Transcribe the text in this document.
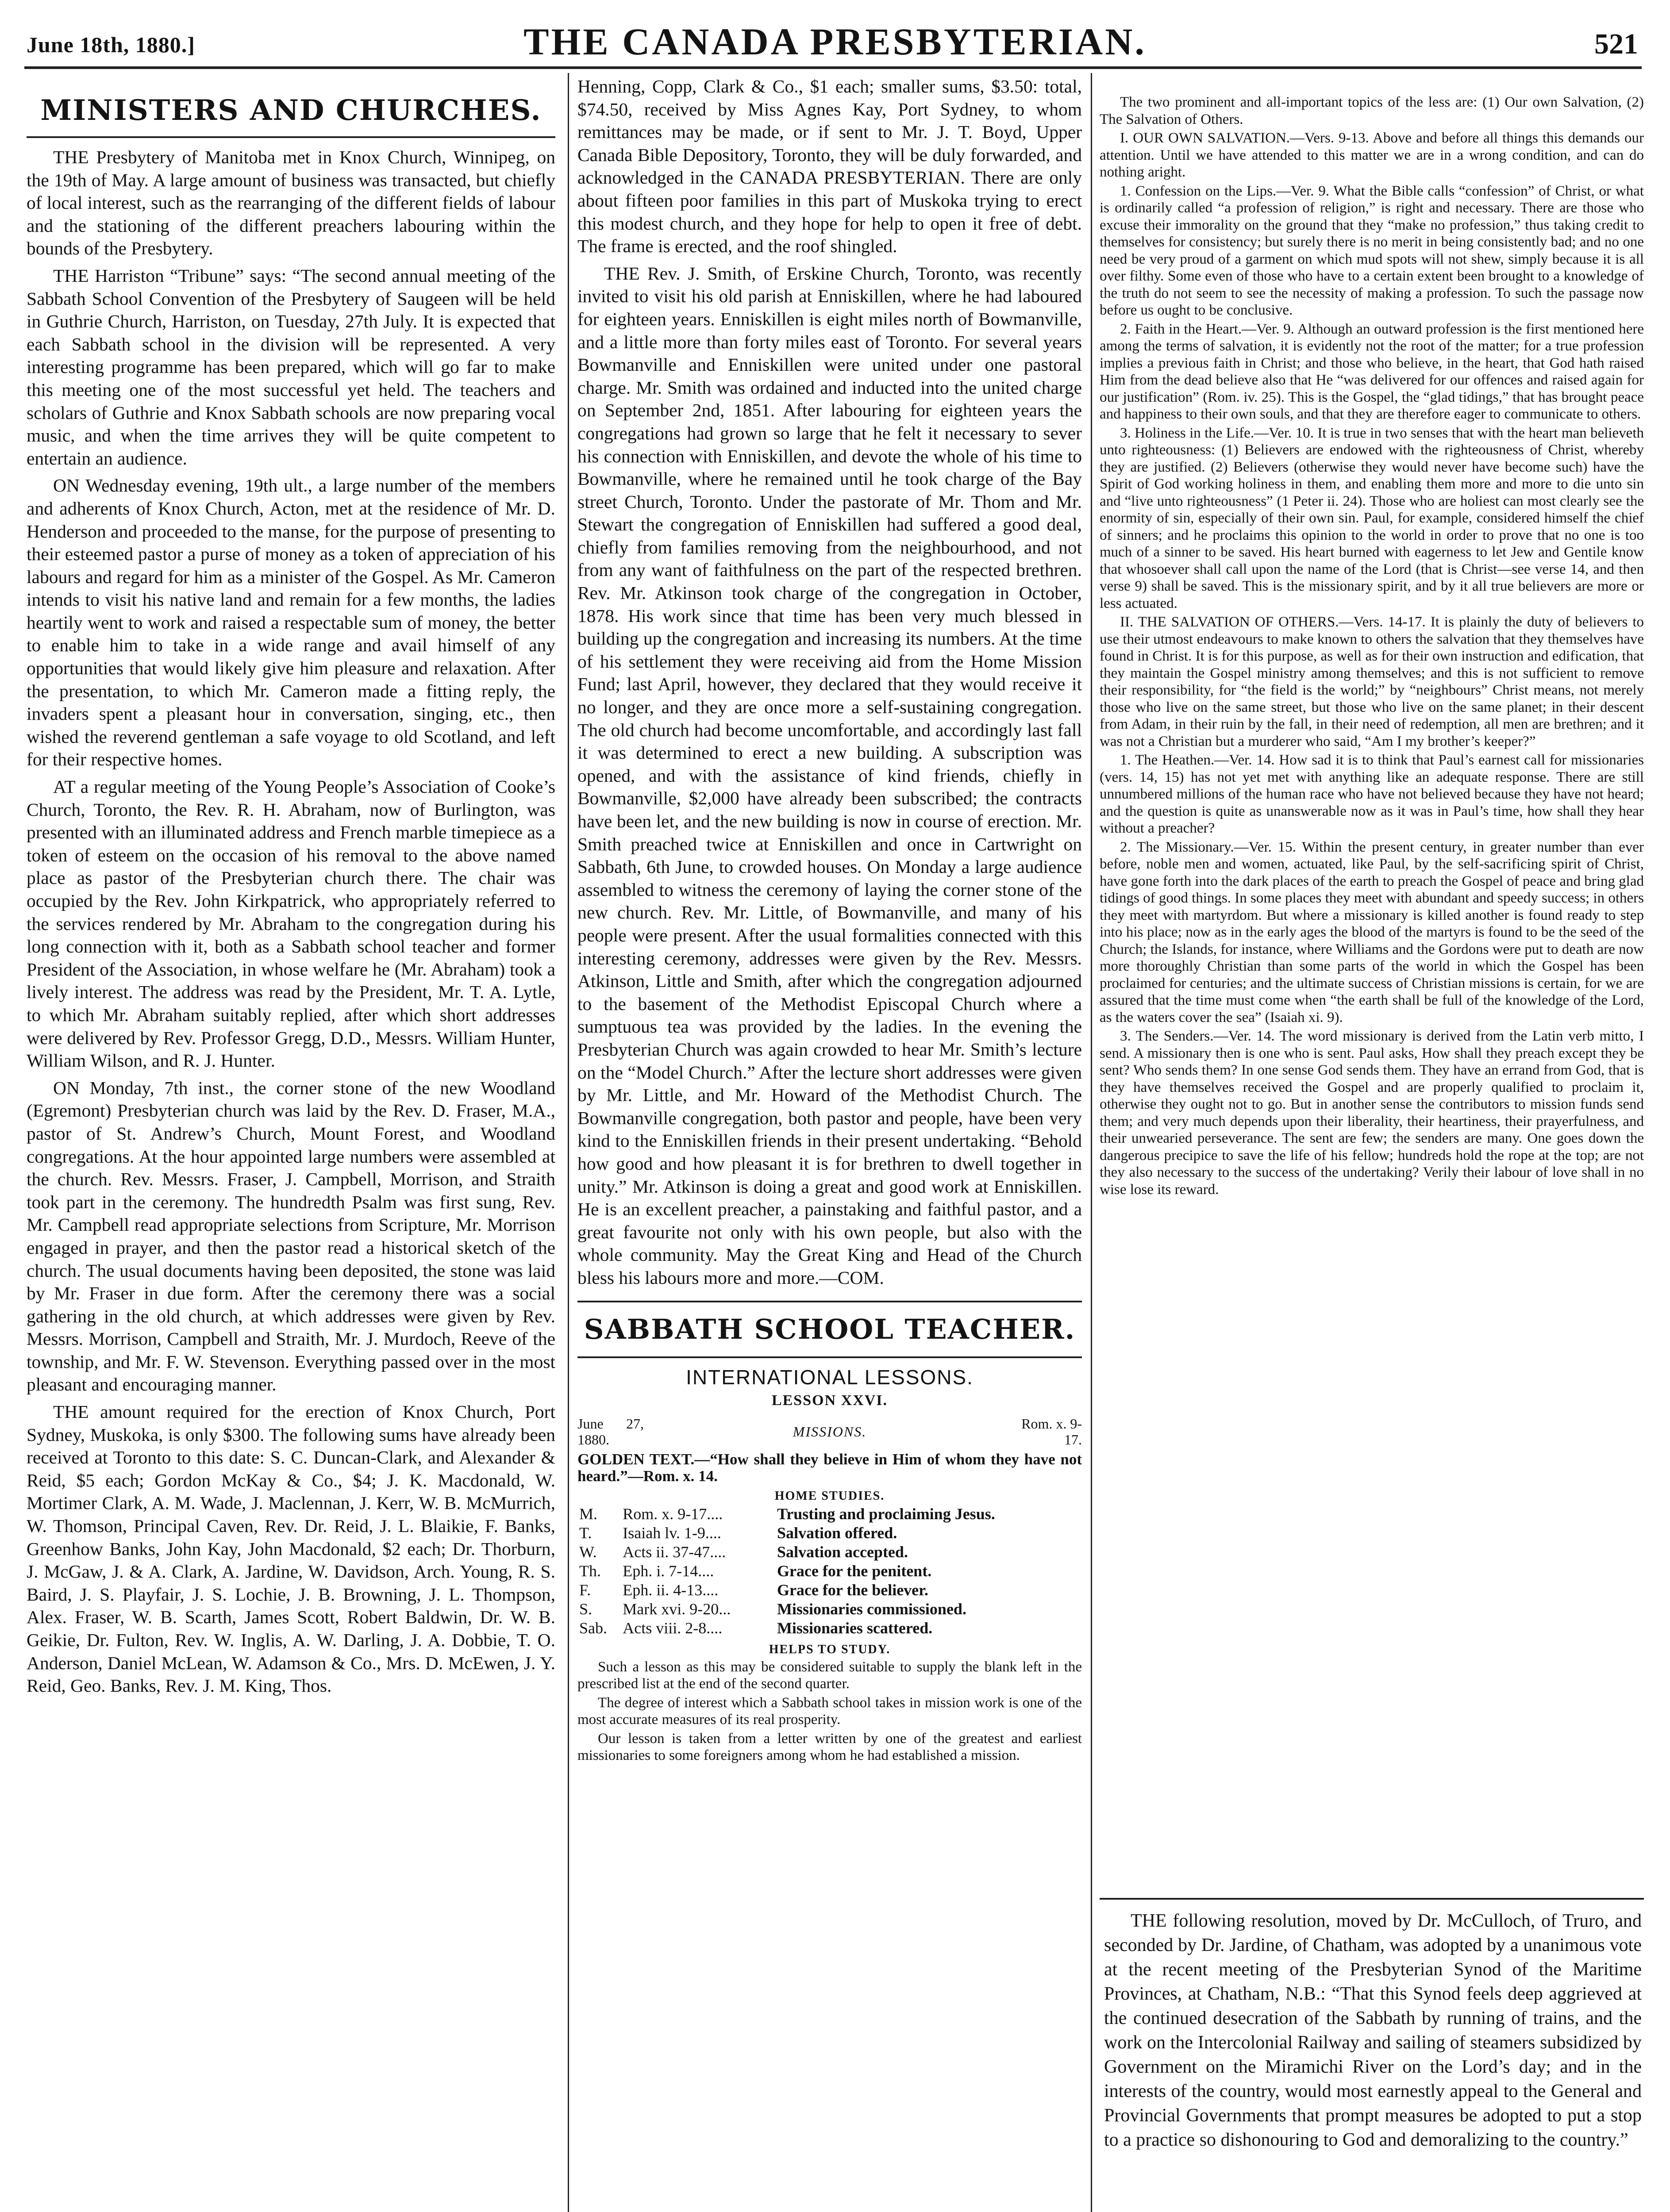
June 18th, 1880.]	THE CANADA PRESBYTERIAN.	521
MINISTERS AND CHURCHES.

THE Presbytery of Manitoba met in Knox Church, Winnipeg, on the 19th of May. A large amount of business was transacted, but chiefly of local interest, such as the rearranging of the different fields of labour and the stationing of the different preachers labouring within the bounds of the Presbytery.

THE Harriston “Tribune” says: “The second annual meeting of the Sabbath School Convention of the Presbytery of Saugeen will be held in Guthrie Church, Harriston, on Tuesday, 27th July. It is expected that each Sabbath school in the division will be represented. A very interesting programme has been prepared, which will go far to make this meeting one of the most successful yet held. The teachers and scholars of Guthrie and Knox Sabbath schools are now preparing vocal music, and when the time arrives they will be quite competent to entertain an audience.

ON Wednesday evening, 19th ult., a large number of the members and adherents of Knox Church, Acton, met at the residence of Mr. D. Henderson and proceeded to the manse, for the purpose of presenting to their esteemed pastor a purse of money as a token of appreciation of his labours and regard for him as a minister of the Gospel. As Mr. Cameron intends to visit his native land and remain for a few months, the ladies heartily went to work and raised a respectable sum of money, the better to enable him to take in a wide range and avail himself of any opportunities that would likely give him pleasure and relaxation. After the presentation, to which Mr. Cameron made a fitting reply, the invaders spent a pleasant hour in conversation, singing, etc., then wished the reverend gentleman a safe voyage to old Scotland, and left for their respective homes.

AT a regular meeting of the Young People’s Association of Cooke’s Church, Toronto, the Rev. R. H. Abraham, now of Burlington, was presented with an illuminated address and French marble timepiece as a token of esteem on the occasion of his removal to the above named place as pastor of the Presbyterian church there. The chair was occupied by the Rev. John Kirkpatrick, who appropriately referred to the services rendered by Mr. Abraham to the congregation during his long connection with it, both as a Sabbath school teacher and former President of the Association, in whose welfare he (Mr. Abraham) took a lively interest. The address was read by the President, Mr. T. A. Lytle, to which Mr. Abraham suitably replied, after which short addresses were delivered by Rev. Professor Gregg, D.D., Messrs. William Hunter, William Wilson, and R. J. Hunter.

ON Monday, 7th inst., the corner stone of the new Woodland (Egremont) Presbyterian church was laid by the Rev. D. Fraser, M.A., pastor of St. Andrew’s Church, Mount Forest, and Woodland congregations. At the hour appointed large numbers were assembled at the church. Rev. Messrs. Fraser, J. Campbell, Morrison, and Straith took part in the ceremony. The hundredth Psalm was first sung, Rev. Mr. Campbell read appropriate selections from Scripture, Mr. Morrison engaged in prayer, and then the pastor read a historical sketch of the church. The usual documents having been deposited, the stone was laid by Mr. Fraser in due form. After the ceremony there was a social gathering in the old church, at which addresses were given by Rev. Messrs. Morrison, Campbell and Straith, Mr. J. Murdoch, Reeve of the township, and Mr. F. W. Stevenson. Everything passed over in the most pleasant and encouraging manner.

THE amount required for the erection of Knox Church, Port Sydney, Muskoka, is only $300. The following sums have already been received at Toronto to this date: S. C. Duncan-Clark, and Alexander & Reid, $5 each; Gordon McKay & Co., $4; J. K. Macdonald, W. Mortimer Clark, A. M. Wade, J. Maclennan, J. Kerr, W. B. McMurrich, W. Thomson, Principal Caven, Rev. Dr. Reid, J. L. Blaikie, F. Banks, Greenhow Banks, John Kay, John Macdonald, $2 each; Dr. Thorburn, J. McGaw, J. & A. Clark, A. Jardine, W. Davidson, Arch. Young, R. S. Baird, J. S. Playfair, J. S. Lochie, J. B. Browning, J. L. Thompson, Alex. Fraser, W. B. Scarth, James Scott, Robert Baldwin, Dr. W. B. Geikie, Dr. Fulton, Rev. W. Inglis, A. W. Darling, J. A. Dobbie, T. O. Anderson, Daniel McLean, W. Adamson & Co., Mrs. D. McEwen, J. Y. Reid, Geo. Banks, Rev. J. M. King, Thos.

Henning, Copp, Clark & Co., $1 each; smaller sums, $3.50: total, $74.50, received by Miss Agnes Kay, Port Sydney, to whom remittances may be made, or if sent to Mr. J. T. Boyd, Upper Canada Bible Depository, Toronto, they will be duly forwarded, and acknowledged in the CANADA PRESBYTERIAN. There are only about fifteen poor families in this part of Muskoka trying to erect this modest church, and they hope for help to open it free of debt. The frame is erected, and the roof shingled.

THE Rev. J. Smith, of Erskine Church, Toronto, was recently invited to visit his old parish at Enniskillen, where he had laboured for eighteen years. Enniskillen is eight miles north of Bowmanville, and a little more than forty miles east of Toronto. For several years Bowmanville and Enniskillen were united under one pastoral charge. Mr. Smith was ordained and inducted into the united charge on September 2nd, 1851. After labouring for eighteen years the congregations had grown so large that he felt it necessary to sever his connection with Enniskillen, and devote the whole of his time to Bowmanville, where he remained until he took charge of the Bay street Church, Toronto. Under the pastorate of Mr. Thom and Mr. Stewart the congregation of Enniskillen had suffered a good deal, chiefly from families removing from the neighbourhood, and not from any want of faithfulness on the part of the respected brethren. Rev. Mr. Atkinson took charge of the congregation in October, 1878. His work since that time has been very much blessed in building up the congregation and increasing its numbers. At the time of his settlement they were receiving aid from the Home Mission Fund; last April, however, they declared that they would receive it no longer, and they are once more a self-sustaining congregation. The old church had become uncomfortable, and accordingly last fall it was determined to erect a new building. A subscription was opened, and with the assistance of kind friends, chiefly in Bowmanville, $2,000 have already been subscribed; the contracts have been let, and the new building is now in course of erection. Mr. Smith preached twice at Enniskillen and once in Cartwright on Sabbath, 6th June, to crowded houses. On Monday a large audience assembled to witness the ceremony of laying the corner stone of the new church. Rev. Mr. Little, of Bowmanville, and many of his people were present. After the usual formalities connected with this interesting ceremony, addresses were given by the Rev. Messrs. Atkinson, Little and Smith, after which the congregation adjourned to the basement of the Methodist Episcopal Church where a sumptuous tea was provided by the ladies. In the evening the Presbyterian Church was again crowded to hear Mr. Smith’s lecture on the “Model Church.” After the lecture short addresses were given by Mr. Little, and Mr. Howard of the Methodist Church. The Bowmanville congregation, both pastor and people, have been very kind to the Enniskillen friends in their present undertaking. “Behold how good and how pleasant it is for brethren to dwell together in unity.” Mr. Atkinson is doing a great and good work at Enniskillen. He is an excellent preacher, a painstaking and faithful pastor, and a great favourite not only with his own people, but also with the whole community. May the Great King and Head of the Church bless his labours more and more.—COM.

SABBATH SCHOOL TEACHER.
INTERNATIONAL LESSONS.
LESSON XXVI.
June 27, 1880.	MISSIONS.	Rom. x. 9-17.
GOLDEN TEXT.—“How shall they believe in Him of whom they have not heard.”—Rom. x. 14.
HOME STUDIES.
M.	Rom. x. 9-17....	Trusting and proclaiming Jesus.
T.	Isaiah lv. 1-9....	Salvation offered.
W.	Acts ii. 37-47....	Salvation accepted.
Th.	Eph. i. 7-14....	Grace for the penitent.
F.	Eph. ii. 4-13....	Grace for the believer.
S.	Mark xvi. 9-20...	Missionaries commissioned.
Sab.	Acts viii. 2-8....	Missionaries scattered.
HELPS TO STUDY.

Such a lesson as this may be considered suitable to supply the blank left in the prescribed list at the end of the second quarter.

The degree of interest which a Sabbath school takes in mission work is one of the most accurate measures of its real prosperity.

Our lesson is taken from a letter written by one of the greatest and earliest missionaries to some foreigners among whom he had established a mission.

The two prominent and all-important topics of the less are: (1) Our own Salvation, (2) The Salvation of Others.

I. OUR OWN SALVATION.—Vers. 9-13. Above and before all things this demands our attention. Until we have attended to this matter we are in a wrong condition, and can do nothing aright.

1. Confession on the Lips.—Ver. 9. What the Bible calls “confession” of Christ, or what is ordinarily called “a profession of religion,” is right and necessary. There are those who excuse their immorality on the ground that they “make no profession,” thus taking credit to themselves for consistency; but surely there is no merit in being consistently bad; and no one need be very proud of a garment on which mud spots will not shew, simply because it is all over filthy. Some even of those who have to a certain extent been brought to a knowledge of the truth do not seem to see the necessity of making a profession. To such the passage now before us ought to be conclusive.

2. Faith in the Heart.—Ver. 9. Although an outward profession is the first mentioned here among the terms of salvation, it is evidently not the root of the matter; for a true profession implies a previous faith in Christ; and those who believe, in the heart, that God hath raised Him from the dead believe also that He “was delivered for our offences and raised again for our justification” (Rom. iv. 25). This is the Gospel, the “glad tidings,” that has brought peace and happiness to their own souls, and that they are therefore eager to communicate to others.

3. Holiness in the Life.—Ver. 10. It is true in two senses that with the heart man believeth unto righteousness: (1) Believers are endowed with the righteousness of Christ, whereby they are justified. (2) Believers (otherwise they would never have become such) have the Spirit of God working holiness in them, and enabling them more and more to die unto sin and “live unto righteousness” (1 Peter ii. 24). Those who are holiest can most clearly see the enormity of sin, especially of their own sin. Paul, for example, considered himself the chief of sinners; and he proclaims this opinion to the world in order to prove that no one is too much of a sinner to be saved. His heart burned with eagerness to let Jew and Gentile know that whosoever shall call upon the name of the Lord (that is Christ—see verse 14, and then verse 9) shall be saved. This is the missionary spirit, and by it all true believers are more or less actuated.

II. THE SALVATION OF OTHERS.—Vers. 14-17. It is plainly the duty of believers to use their utmost endeavours to make known to others the salvation that they themselves have found in Christ. It is for this purpose, as well as for their own instruction and edification, that they maintain the Gospel ministry among themselves; and this is not sufficient to remove their responsibility, for “the field is the world;” by “neighbours” Christ means, not merely those who live on the same street, but those who live on the same planet; in their descent from Adam, in their ruin by the fall, in their need of redemption, all men are brethren; and it was not a Christian but a murderer who said, “Am I my brother’s keeper?”

1. The Heathen.—Ver. 14. How sad it is to think that Paul’s earnest call for missionaries (vers. 14, 15) has not yet met with anything like an adequate response. There are still unnumbered millions of the human race who have not believed because they have not heard; and the question is quite as unanswerable now as it was in Paul’s time, how shall they hear without a preacher?

2. The Missionary.—Ver. 15. Within the present century, in greater number than ever before, noble men and women, actuated, like Paul, by the self-sacrificing spirit of Christ, have gone forth into the dark places of the earth to preach the Gospel of peace and bring glad tidings of good things. In some places they meet with abundant and speedy success; in others they meet with martyrdom. But where a missionary is killed another is found ready to step into his place; now as in the early ages the blood of the martyrs is found to be the seed of the Church; the Islands, for instance, where Williams and the Gordons were put to death are now more thoroughly Christian than some parts of the world in which the Gospel has been proclaimed for centuries; and the ultimate success of Christian missions is certain, for we are assured that the time must come when “the earth shall be full of the knowledge of the Lord, as the waters cover the sea” (Isaiah xi. 9).

3. The Senders.—Ver. 14. The word missionary is derived from the Latin verb mitto, I send. A missionary then is one who is sent. Paul asks, How shall they preach except they be sent? Who sends them? In one sense God sends them. They have an errand from God, that is they have themselves received the Gospel and are properly qualified to proclaim it, otherwise they ought not to go. But in another sense the contributors to mission funds send them; and very much depends upon their liberality, their heartiness, their prayerfulness, and their unwearied perseverance. The sent are few; the senders are many. One goes down the dangerous precipice to save the life of his fellow; hundreds hold the rope at the top; are not they also necessary to the success of the undertaking? Verily their labour of love shall in no wise lose its reward.

THE following resolution, moved by Dr. McCulloch, of Truro, and seconded by Dr. Jardine, of Chatham, was adopted by a unanimous vote at the recent meeting of the Presbyterian Synod of the Maritime Provinces, at Chatham, N.B.: “That this Synod feels deep aggrieved at the continued desecration of the Sabbath by running of trains, and the work on the Intercolonial Railway and sailing of steamers subsidized by Government on the Miramichi River on the Lord’s day; and in the interests of the country, would most earnestly appeal to the General and Provincial Governments that prompt measures be adopted to put a stop to a practice so dishonouring to God and demoralizing to the country.”
